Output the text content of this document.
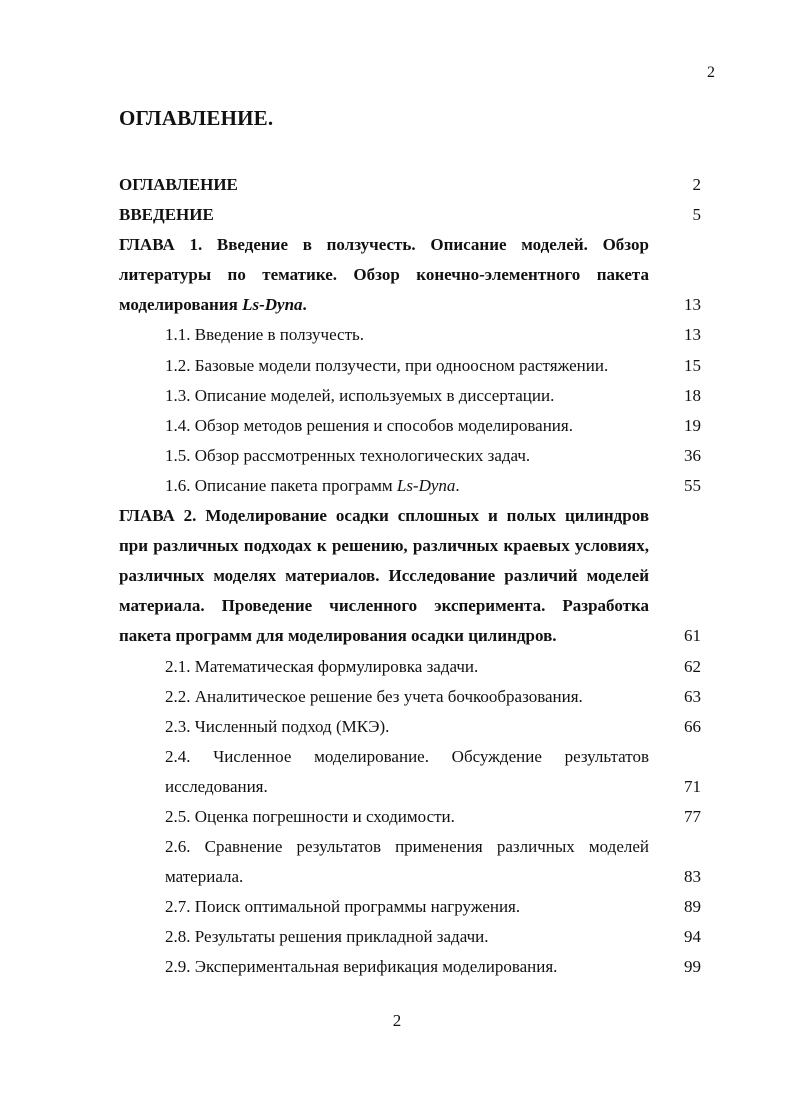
2
ОГЛАВЛЕНИЕ.
ОГЛАВЛЕНИЕ	2
ВВЕДЕНИЕ	5
ГЛАВА 1. Введение в ползучесть. Описание моделей. Обзор литературы по тематике. Обзор конечно-элементного пакета моделирования Ls-Dyna.	13
1.1. Введение в ползучесть.	13
1.2. Базовые модели ползучести, при одноосном растяжении.	15
1.3. Описание моделей, используемых в диссертации.	18
1.4. Обзор методов решения и способов моделирования.	19
1.5. Обзор рассмотренных технологических задач.	36
1.6. Описание пакета программ Ls-Dyna.	55
ГЛАВА 2. Моделирование осадки сплошных и полых цилиндров при различных подходах к решению, различных краевых условиях, различных моделях материалов. Исследование различий моделей материала. Проведение численного эксперимента. Разработка пакета программ для моделирования осадки цилиндров.	61
2.1. Математическая формулировка задачи.	62
2.2. Аналитическое решение без учета бочкообразования.	63
2.3. Численный подход (МКЭ).	66
2.4. Численное моделирование. Обсуждение результатов исследования.	71
2.5. Оценка погрешности и сходимости.	77
2.6. Сравнение результатов применения различных моделей материала.	83
2.7. Поиск оптимальной программы нагружения.	89
2.8. Результаты решения прикладной задачи.	94
2.9. Экспериментальная верификация моделирования.	99
2
